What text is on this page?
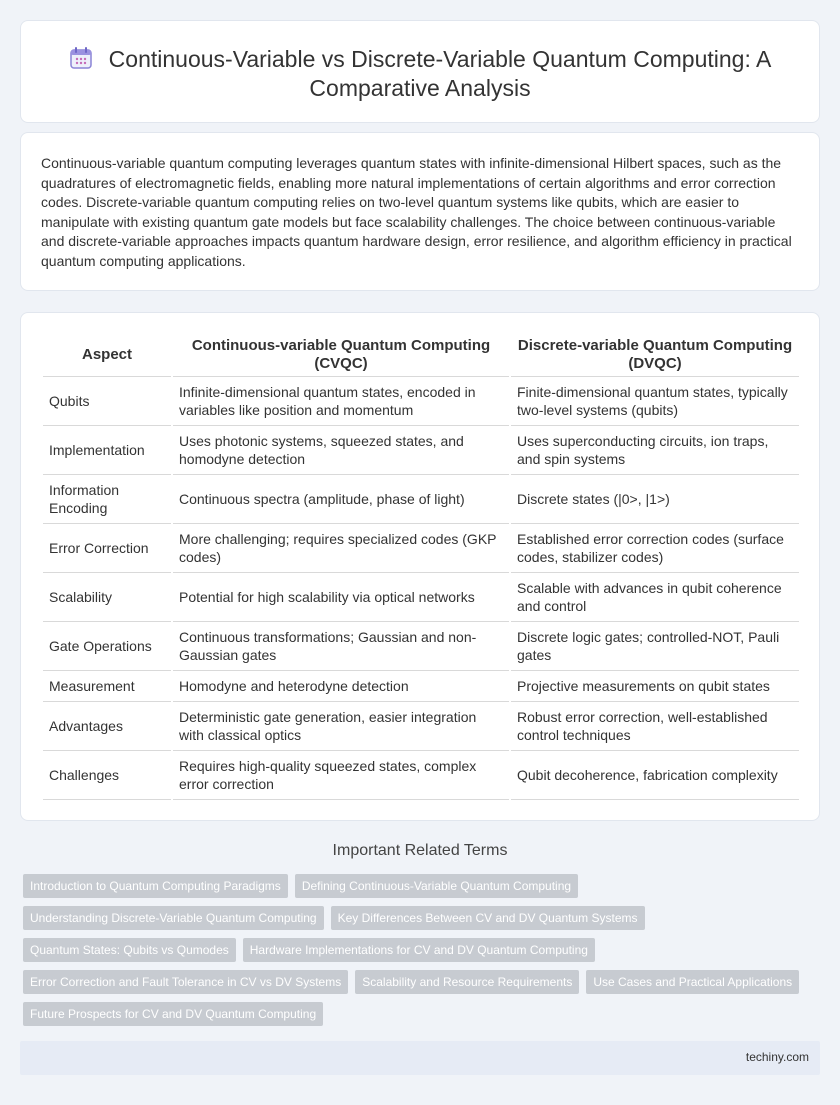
Continuous-Variable vs Discrete-Variable Quantum Computing: A Comparative Analysis

Continuous-variable quantum computing leverages quantum states with infinite-dimensional Hilbert spaces, such as the quadratures of electromagnetic fields, enabling more natural implementations of certain algorithms and error correction codes. Discrete-variable quantum computing relies on two-level quantum systems like qubits, which are easier to manipulate with existing quantum gate models but face scalability challenges. The choice between continuous-variable and discrete-variable approaches impacts quantum hardware design, error resilience, and algorithm efficiency in practical quantum computing applications.

Aspect	Continuous-variable Quantum Computing (CVQC)	Discrete-variable Quantum Computing (DVQC)
Qubits	Infinite-dimensional quantum states, encoded in variables like position and momentum	Finite-dimensional quantum states, typically two-level systems (qubits)
Implementation	Uses photonic systems, squeezed states, and homodyne detection	Uses superconducting circuits, ion traps, and spin systems
Information Encoding	Continuous spectra (amplitude, phase of light)	Discrete states (|0>, |1>)
Error Correction	More challenging; requires specialized codes (GKP codes)	Established error correction codes (surface codes, stabilizer codes)
Scalability	Potential for high scalability via optical networks	Scalable with advances in qubit coherence and control
Gate Operations	Continuous transformations; Gaussian and non-Gaussian gates	Discrete logic gates; controlled-NOT, Pauli gates
Measurement	Homodyne and heterodyne detection	Projective measurements on qubit states
Advantages	Deterministic gate generation, easier integration with classical optics	Robust error correction, well-established control techniques
Challenges	Requires high-quality squeezed states, complex error correction	Qubit decoherence, fabrication complexity
Important Related Terms
Introduction to Quantum Computing Paradigms	Defining Continuous-Variable Quantum Computing
Understanding Discrete-Variable Quantum Computing	Key Differences Between CV and DV Quantum Systems
Quantum States: Qubits vs Qumodes	Hardware Implementations for CV and DV Quantum Computing
Error Correction and Fault Tolerance in CV vs DV Systems	Scalability and Resource Requirements	Use Cases and Practical Applications
Future Prospects for CV and DV Quantum Computing
techiny.com
